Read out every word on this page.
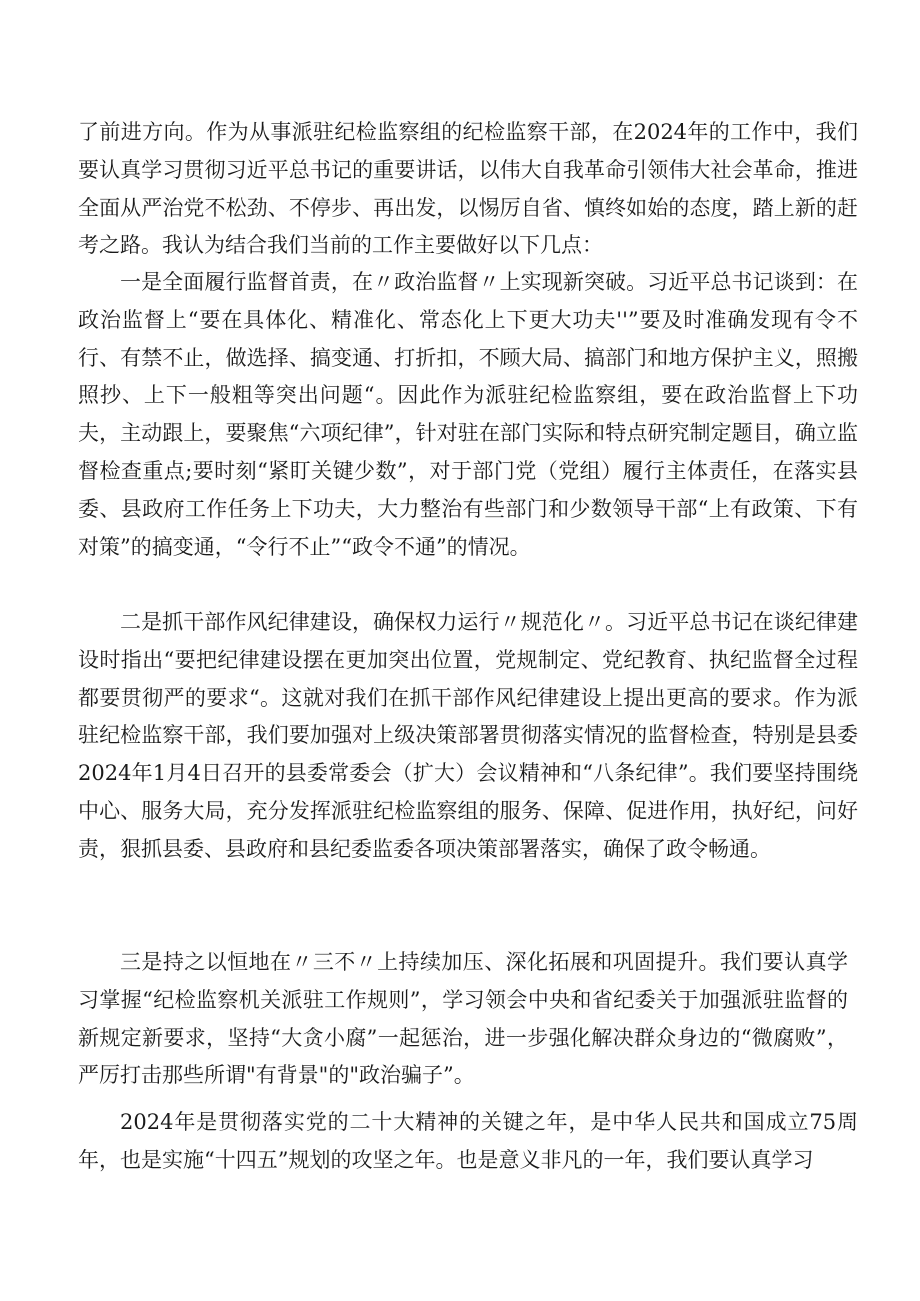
了前进方向。作为从事派驻纪检监察组的纪检监察干部，在2024年的工作中，我们要认真学习贯彻习近平总书记的重要讲话，以伟大自我革命引领伟大社会革命，推进全面从严治党不松劲、不停步、再出发，以惕厉自省、慎终如始的态度，踏上新的赶考之路。我认为结合我们当前的工作主要做好以下几点：

一是全面履行监督首责，在〃政治监督〃上实现新突破。习近平总书记谈到：在政治监督上“要在具体化、精准化、常态化上下更大功夫''”要及时准确发现有令不行、有禁不止，做选择、搞变通、打折扣，不顾大局、搞部门和地方保护主义，照搬照抄、上下一般粗等突出问题“。因此作为派驻纪检监察组，要在政治监督上下功夫，主动跟上，要聚焦“六项纪律”，针对驻在部门实际和特点研究制定题目，确立监督检查重点;要时刻“紧盯关键少数”，对于部门党（党组）履行主体责任，在落实县委、县政府工作任务上下功夫，大力整治有些部门和少数领导干部“上有政策、下有对策”的搞变通，“令行不止”“政令不通”的情况。

二是抓干部作风纪律建设，确保权力运行〃规范化〃。习近平总书记在谈纪律建设时指出“要把纪律建设摆在更加突出位置，党规制定、党纪教育、执纪监督全过程都要贯彻严的要求“。这就对我们在抓干部作风纪律建设上提出更高的要求。作为派驻纪检监察干部，我们要加强对上级决策部署贯彻落实情况的监督检查，特别是县委2024年1月4日召开的县委常委会（扩大）会议精神和“八条纪律”。我们要坚持围绕中心、服务大局，充分发挥派驻纪检监察组的服务、保障、促进作用，执好纪，问好责，狠抓县委、县政府和县纪委监委各项决策部署落实，确保了政令畅通。

三是持之以恒地在〃三不〃上持续加压、深化拓展和巩固提升。我们要认真学习掌握“纪检监察机关派驻工作规则”，学习领会中央和省纪委关于加强派驻监督的新规定新要求，坚持“大贪小腐”一起惩治，进一步强化解决群众身边的“微腐败”，严厉打击那些所谓"有背景"的"政治骗子”。

2024年是贯彻落实党的二十大精神的关键之年，是中华人民共和国成立75周年，也是实施“十四五”规划的攻坚之年。也是意义非凡的一年，我们要认真学习
